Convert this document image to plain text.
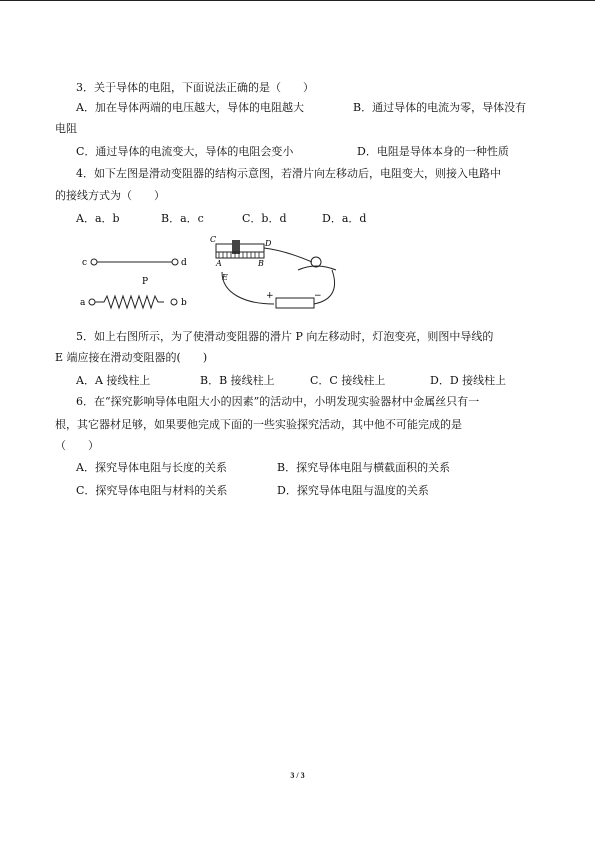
3．关于导体的电阻，下面说法正确的是（　　）
A．加在导体两端的电压越大，导体的电阻越大	B．通过导体的电流为零，导体没有
电阻
C．通过导体的电流变大，导体的电阻会变小	D．电阻是导体本身的一种性质
4．如下左图是滑动变阻器的结构示意图，若滑片向左移动后，电阻变大，则接入电路中
的接线方式为（　　）
A．a．b	B．a．c	C．b．d	D．a．d
c	d
P
a	b
C	D
A	B
E
+	−
5．如上右图所示，为了使滑动变阻器的滑片 P 向左移动时，灯泡变亮，则图中导线的
E 端应接在滑动变阻器的(　　)
A．A 接线柱上	B．B 接线柱上	C．C 接线柱上	D．D 接线柱上
6．在“探究影响导体电阻大小的因素”的活动中，小明发现实验器材中金属丝只有一
根，其它器材足够，如果要他完成下面的一些实验探究活动，其中他不可能完成的是
（　　）
A．探究导体电阻与长度的关系	B．探究导体电阻与横截面积的关系
C．探究导体电阻与材料的关系	D．探究导体电阻与温度的关系
3 / 3
